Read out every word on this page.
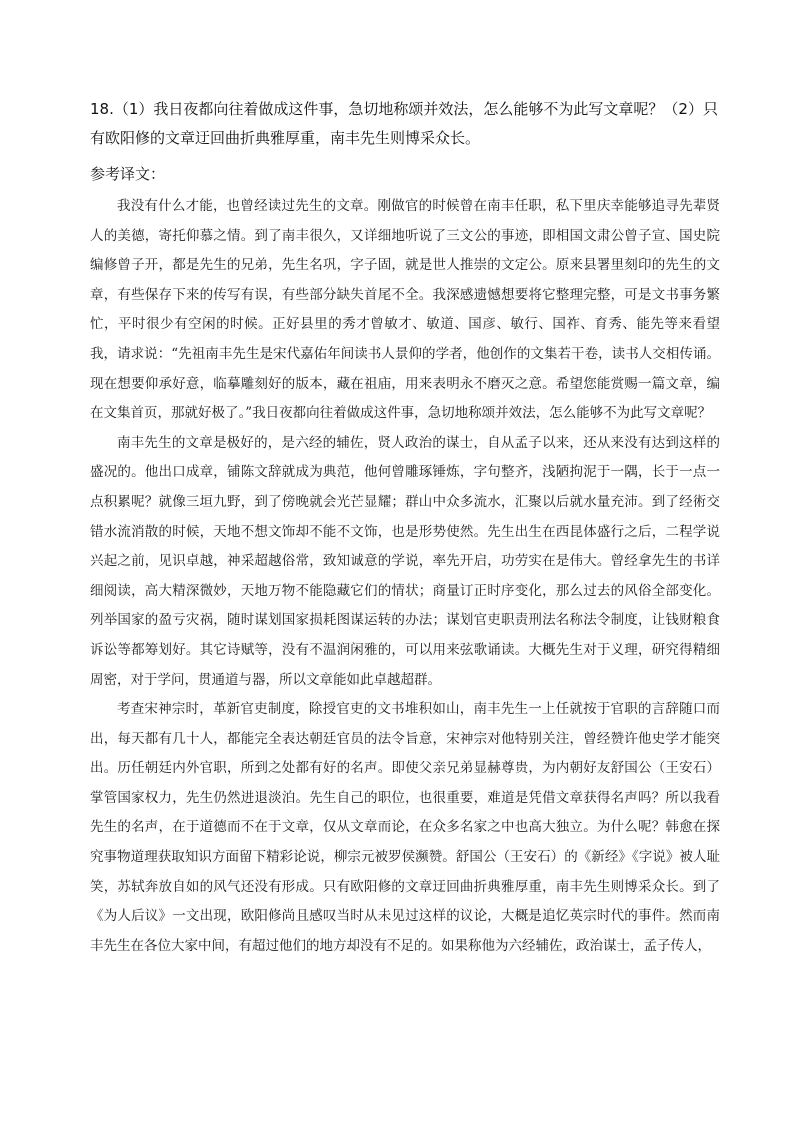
18.（1）我日夜都向往着做成这件事，急切地称颂并效法，怎么能够不为此写文章呢？（2）只有欧阳修的文章迂回曲折典雅厚重，南丰先生则博采众长。

参考译文：

我没有什么才能，也曾经读过先生的文章。刚做官的时候曾在南丰任职，私下里庆幸能够追寻先辈贤人的美德，寄托仰慕之情。到了南丰很久，又详细地听说了三文公的事迹，即相国文肃公曾子宣、国史院编修曾子开，都是先生的兄弟，先生名巩，字子固，就是世人推崇的文定公。原来县署里刻印的先生的文章，有些保存下来的传写有误，有些部分缺失首尾不全。我深感遗憾想要将它整理完整，可是文书事务繁忙，平时很少有空闲的时候。正好县里的秀才曾敏才、敏道、国彦、敏行、国祚、育秀、能先等来看望我，请求说：“先祖南丰先生是宋代嘉佑年间读书人景仰的学者，他创作的文集若干卷，读书人交相传诵。现在想要仰承好意，临摹雕刻好的版本，藏在祖庙，用来表明永不磨灭之意。希望您能赏赐一篇文章，编在文集首页，那就好极了。”我日夜都向往着做成这件事，急切地称颂并效法，怎么能够不为此写文章呢？

南丰先生的文章是极好的，是六经的辅佐，贤人政治的谋士，自从孟子以来，还从来没有达到这样的盛况的。他出口成章，铺陈文辞就成为典范，他何曾雕琢锤炼，字句整齐，浅陋拘泥于一隅，长于一点一点积累呢？就像三垣九野，到了傍晚就会光芒显耀；群山中众多流水，汇聚以后就水量充沛。到了经術交错水流消散的时候，天地不想文饰却不能不文饰，也是形势使然。先生出生在西昆体盛行之后，二程学说兴起之前，见识卓越，神采超越俗常，致知诚意的学说，率先开启，功劳实在是伟大。曾经拿先生的书详细阅读，高大精深微妙，天地万物不能隐藏它们的情状；商量订正时序变化，那么过去的风俗全部变化。列举国家的盈亏灾祸，随时谋划国家损耗图谋运转的办法；谋划官吏职责刑法名称法令制度，让钱财粮食诉讼等都筹划好。其它诗赋等，没有不温润闲雅的，可以用来弦歌诵读。大概先生对于义理，研究得精细周密，对于学问，贯通道与器，所以文章能如此卓越超群。

考查宋神宗时，革新官吏制度，除授官吏的文书堆积如山，南丰先生一上任就按于官职的言辞随口而出，每天都有几十人，都能完全表达朝廷官员的法令旨意，宋神宗对他特别关注，曾经赞许他史学才能突出。历任朝廷内外官职，所到之处都有好的名声。即使父亲兄弟显赫尊贵，为内朝好友舒国公（王安石）掌管国家权力，先生仍然进退淡泊。先生自己的职位，也很重要，难道是凭借文章获得名声吗？所以我看先生的名声，在于道德而不在于文章，仅从文章而论，在众多名家之中也高大独立。为什么呢？韩愈在探究事物道理获取知识方面留下精彩论说，柳宗元被罗侯濒赞。舒国公（王安石）的《新经》《字说》被人耻笑，苏轼奔放自如的风气还没有形成。只有欧阳修的文章迂回曲折典雅厚重，南丰先生则博采众长。到了《为人后议》一文出现，欧阳修尚且感叹当时从未见过这样的议论，大概是追忆英宗时代的事件。然而南丰先生在各位大家中间，有超过他们的地方却没有不足的。如果称他为六经辅佐，政治谋士，孟子传人，
